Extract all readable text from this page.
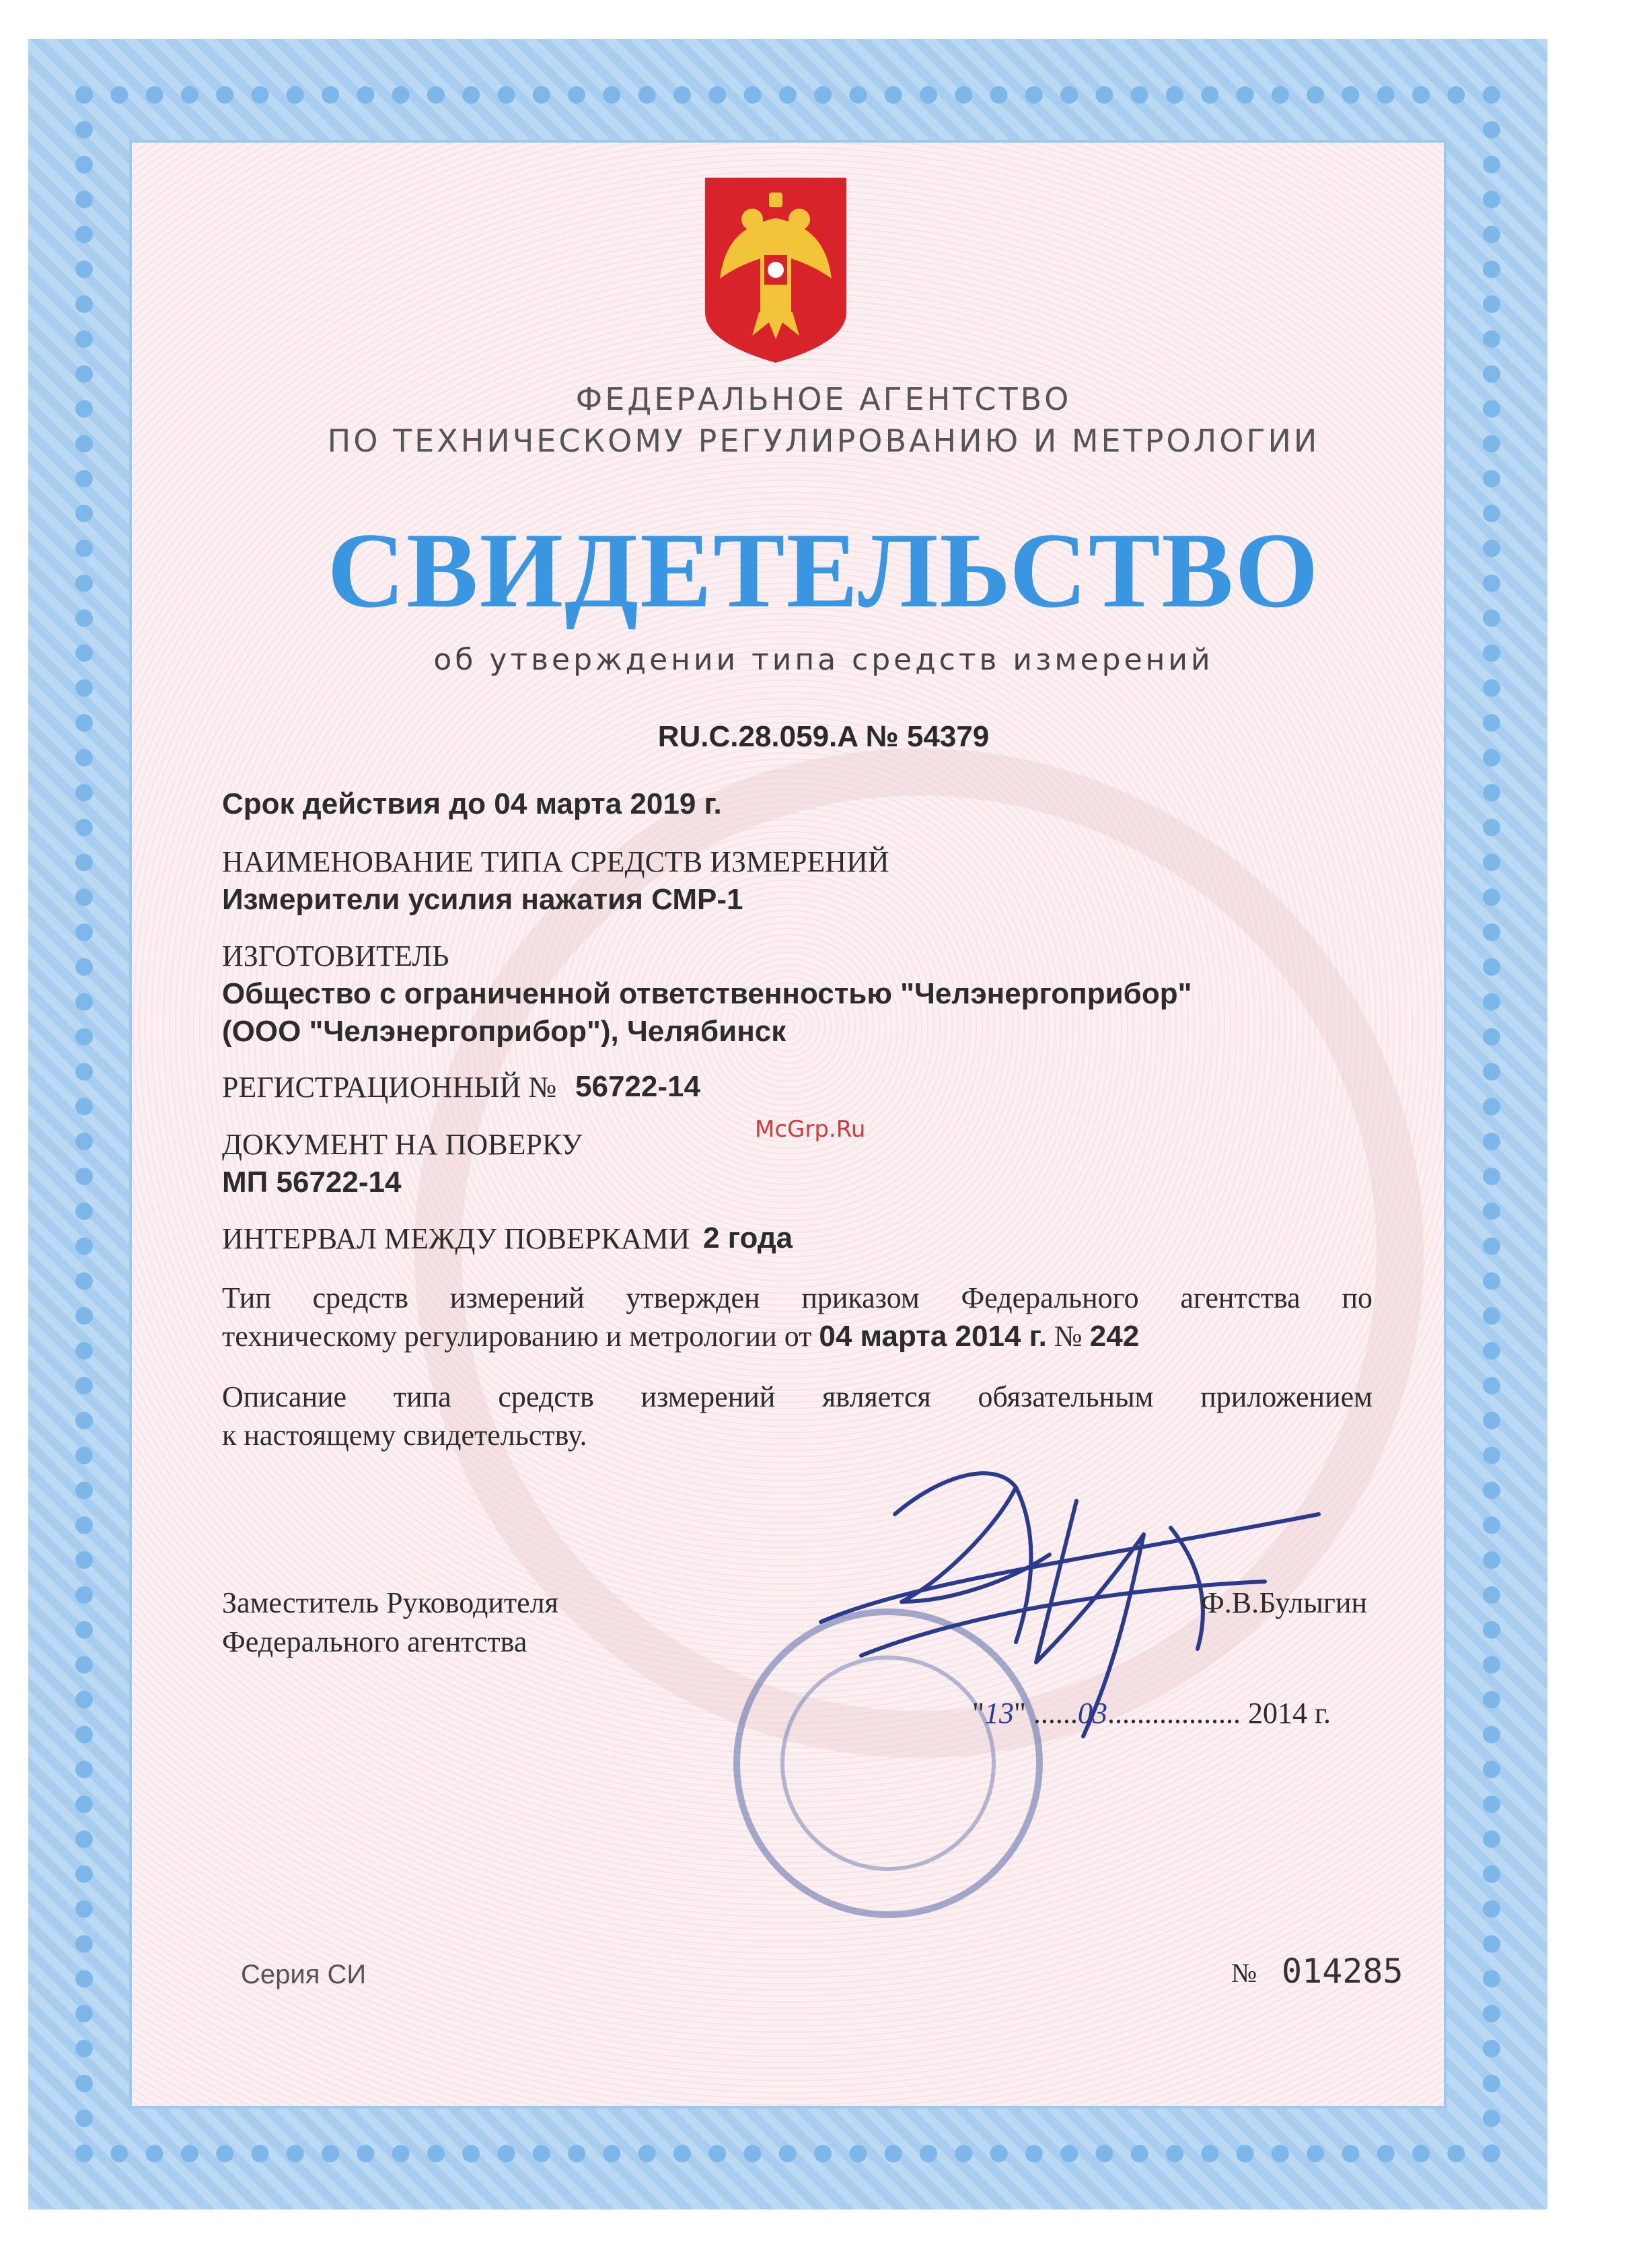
ФЕДЕРАЛЬНОЕ АГЕНТСТВО
ПО ТЕХНИЧЕСКОМУ РЕГУЛИРОВАНИЮ И МЕТРОЛОГИИ
СВИДЕТЕЛЬСТВО
об утверждении типа средств измерений
RU.C.28.059.A № 54379
Срок действия до 04 марта 2019 г.
НАИМЕНОВАНИЕ ТИПА СРЕДСТВ ИЗМЕРЕНИЙ
Измерители усилия нажатия СМР-1
ИЗГОТОВИТЕЛЬ
Общество с ограниченной ответственностью "Челэнергоприбор"
(ООО "Челэнергоприбор"), Челябинск
РЕГИСТРАЦИОННЫЙ № 56722-14
McGrp.Ru
ДОКУМЕНТ НА ПОВЕРКУ
МП 56722-14
ИНТЕРВАЛ МЕЖДУ ПОВЕРКАМИ 2 года
Тип средств измерений утвержден приказом Федерального агентства по
техническому регулированию и метрологии от 04 марта 2014 г. № 242
Описание типа средств измерений является обязательным приложением
к настоящему свидетельству.
Заместитель Руководителя
Федерального агентства
Ф.В.Булыгин
"13" ......03.................. 2014 г.
Серия СИ	№ 014285
